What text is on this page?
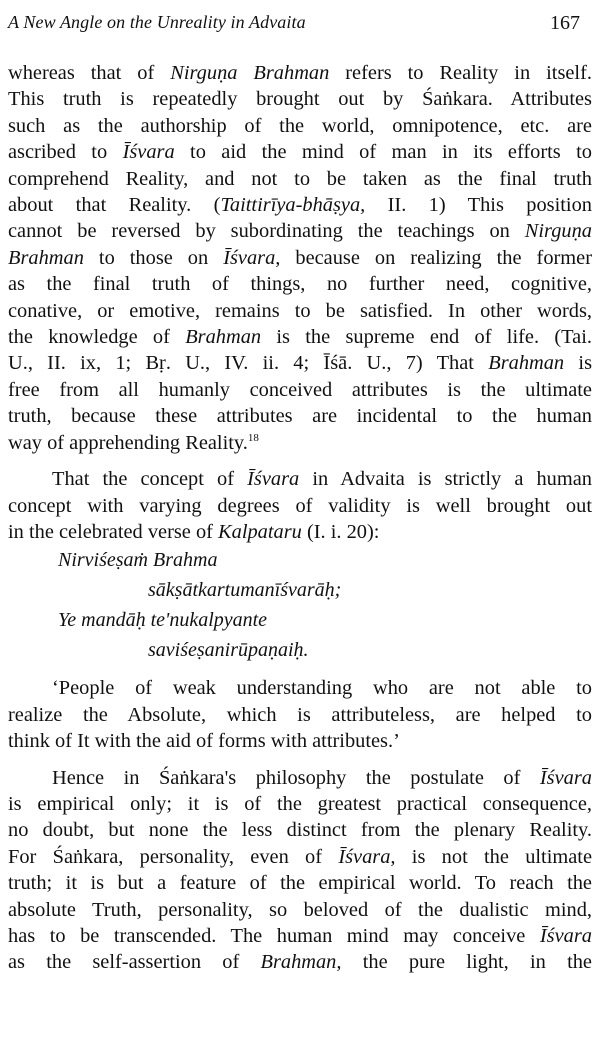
A New Angle on the Unreality in Advaita	167

whereas that of Nirguṇa Brahman refers to Reality in itself.
This truth is repeatedly brought out by Śaṅkara. Attributes
such as the authorship of the world, omnipotence, etc. are
ascribed to Īśvara to aid the mind of man in its efforts to
comprehend Reality, and not to be taken as the final truth
about that Reality. (Taittirīya-bhāṣya, II. 1) This position
cannot be reversed by subordinating the teachings on Nirguṇa
Brahman to those on Īśvara, because on realizing the former
as the final truth of things, no further need, cognitive,
conative, or emotive, remains to be satisfied. In other words,
the knowledge of Brahman is the supreme end of life. (Tai.
U., II. ix, 1; Bṛ. U., IV. ii. 4; Īśā. U., 7) That Brahman is
free from all humanly conceived attributes is the ultimate
truth, because these attributes are incidental to the human
way of apprehending Reality.$^{18}$

That the concept of Īśvara in Advaita is strictly a human
concept with varying degrees of validity is well brought out
in the celebrated verse of Kalpataru (I. i. 20):

Nirviśeṣaṁ Brahma
sākṣātkartumanīśvarāḥ;
Ye mandāḥ te'nukalpyante
saviśeṣanirūpaṇaiḥ.

‘People of weak understanding who are not able to
realize the Absolute, which is attributeless, are helped to
think of It with the aid of forms with attributes.’

Hence in Śaṅkara's philosophy the postulate of Īśvara
is empirical only; it is of the greatest practical consequence,
no doubt, but none the less distinct from the plenary Reality.
For Śaṅkara, personality, even of Īśvara, is not the ultimate
truth; it is but a feature of the empirical world. To reach the
absolute Truth, personality, so beloved of the dualistic mind,
has to be transcended. The human mind may conceive Īśvara
as the self-assertion of Brahman, the pure light, in the
